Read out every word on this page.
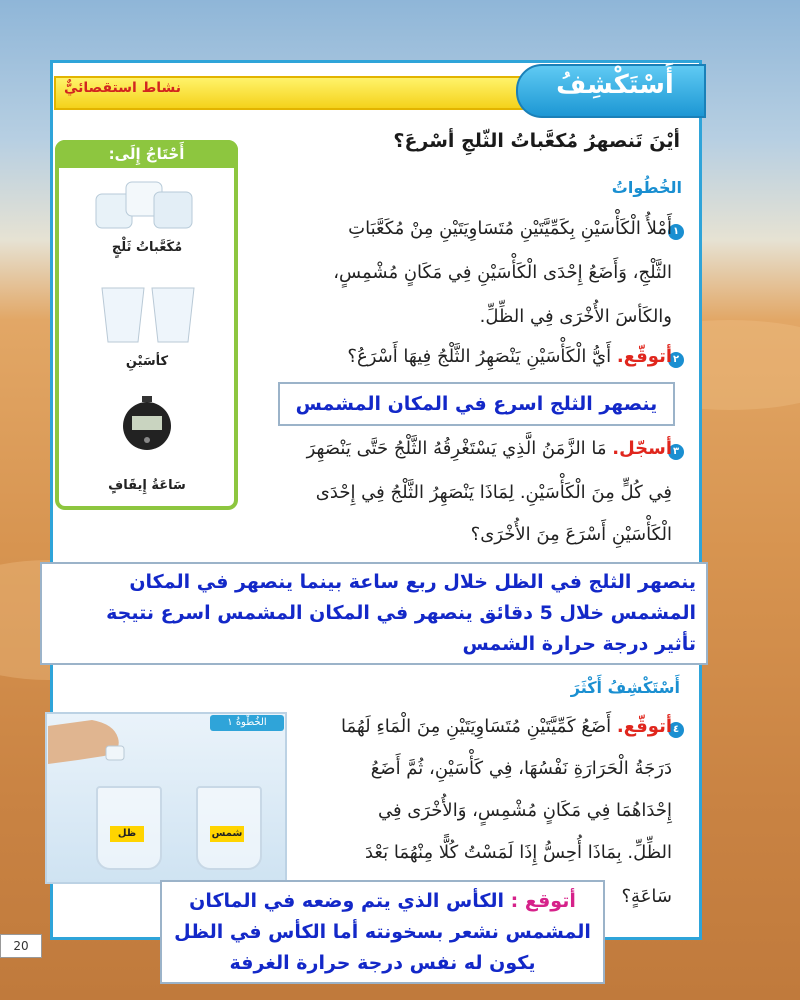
نشاط استقصائيٌّ	أَسْتَكْشِفُ
أيْنَ تَنصهرُ مُكعَّباتُ الثّلجِ أسْرعَ؟
الخُطُواتُ
أَحْتَاجُ إِلَى:
مُكَعَّباتُ ثَلْجٍ
كأسَيْنِ
سَاعَةُ إِيقَافٍ
١
أَمْلأُ الْكَأْسَيْنِ بِكَمِّيَّتَيْنِ مُتَسَاوِيَتَيْنِ مِنْ مُكَعَّبَاتِ
الثَّلْجِ، وَأَضَعُ إِحْدَى الْكَأْسَيْنِ فِي مَكَانٍ مُشْمِسٍ،
والكَأسَ الأُخْرَى فِي الظِّلِّ.
٢
أتوقّع. أَيُّ الْكَأْسَيْنِ يَنْصَهِرُ الثَّلْجُ فِيهَا أَسْرَعُ؟
ينصهر الثلج اسرع في المكان المشمس
٣
أسجّل. مَا الزَّمَنُ الَّذِي يَسْتَغْرِقُهُ الثَّلْجُ حَتَّى يَنْصَهِرَ
فِي كُلٍّ مِنَ الْكَأْسَيْنِ. لِمَاذَا يَنْصَهِرُ الثَّلْجُ فِي إِحْدَى
الْكَأْسَيْنِ أَسْرَعَ مِنَ الأُخْرَى؟
ينصهر الثلج في الظل خلال ربع ساعة بينما ينصهر في المكان
المشمس خلال 5 دقائق ينصهر في المكان المشمس اسرع نتيجة
تأثير درجة حرارة الشمس
أَسْتَكْشِفُ أَكْثَرَ
الخُطْوةُ ١
ظل	شمس
٤
أتوقّع. أَضَعُ كَمِّيَّتَيْنِ مُتَسَاوِيَتَيْنِ مِنَ الْمَاءِ لَهُمَا
دَرَجَةُ الْحَرَارَةِ نَفْسُهَا، فِي كَأْسَيْنِ، ثُمَّ أَضَعُ
إِحْدَاهُمَا فِي مَكَانٍ مُشْمِسٍ، وَالأُخْرَى فِي
الظِّلِّ. بِمَاذَا أُحِسُّ إِذَا لَمَسْتُ كُلًّا مِنْهُمَا بَعْدَ
سَاعَةٍ؟
أتوقع : الكأس الذي يتم وضعه في الماكان
المشمس نشعر بسخونته أما الكأس في الظل
يكون له نفس درجة حرارة الغرفة
20
